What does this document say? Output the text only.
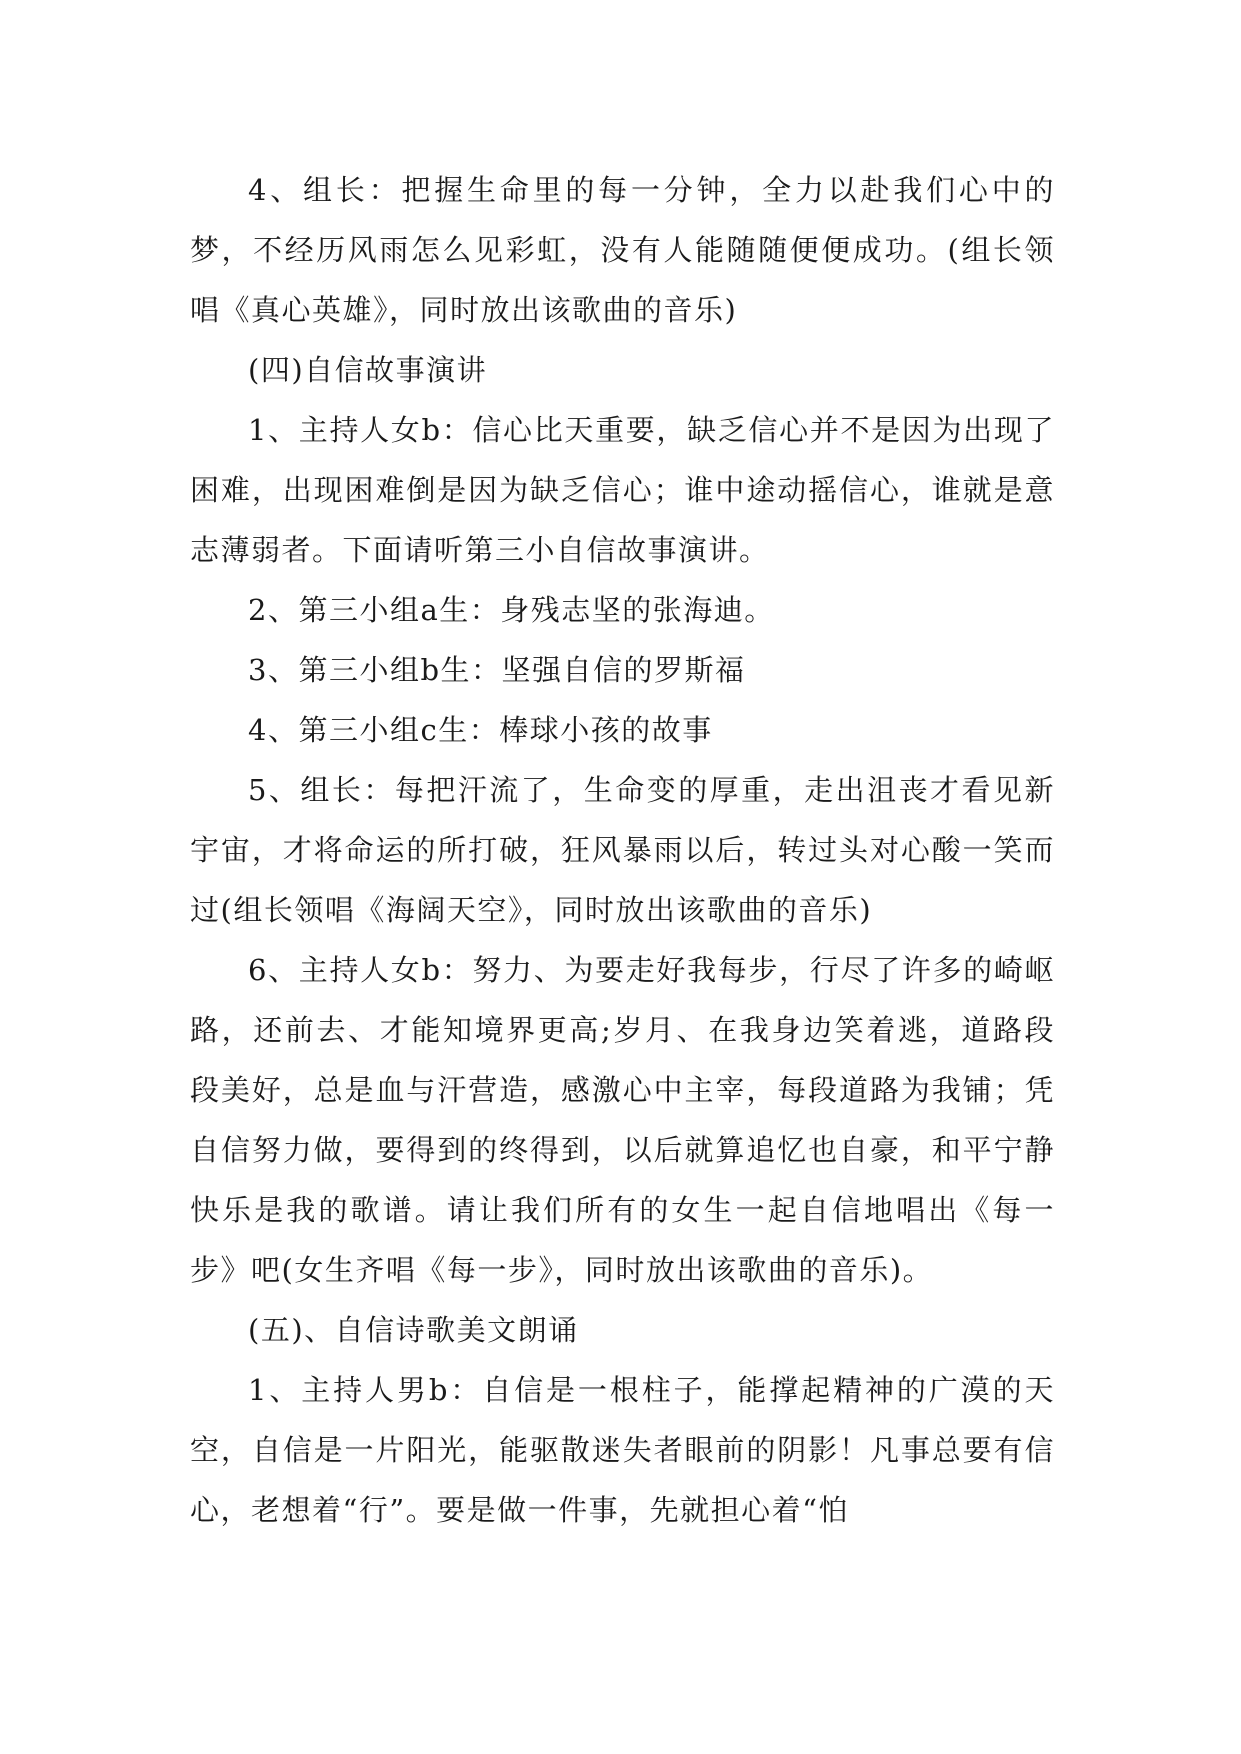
4、组长：把握生命里的每一分钟，全力以赴我们心中的梦，不经历风雨怎么见彩虹，没有人能随随便便成功。(组长领唱《真心英雄》，同时放出该歌曲的音乐)

(四)自信故事演讲

1、主持人女b：信心比天重要，缺乏信心并不是因为出现了困难，出现困难倒是因为缺乏信心；谁中途动摇信心，谁就是意志薄弱者。下面请听第三小自信故事演讲。

2、第三小组a生：身残志坚的张海迪。

3、第三小组b生：坚强自信的罗斯福

4、第三小组c生：棒球小孩的故事

5、组长：每把汗流了，生命变的厚重，走出沮丧才看见新宇宙，才将命运的所打破，狂风暴雨以后，转过头对心酸一笑而过(组长领唱《海阔天空》，同时放出该歌曲的音乐)

6、主持人女b：努力、为要走好我每步，行尽了许多的崎岖路，还前去、才能知境界更高;岁月、在我身边笑着逃，道路段段美好，总是血与汗营造，感激心中主宰，每段道路为我铺；凭自信努力做，要得到的终得到，以后就算追忆也自豪，和平宁静快乐是我的歌谱。请让我们所有的女生一起自信地唱出《每一步》吧(女生齐唱《每一步》，同时放出该歌曲的音乐)。

(五)、自信诗歌美文朗诵

1、主持人男b：自信是一根柱子，能撑起精神的广漠的天空，自信是一片阳光，能驱散迷失者眼前的阴影！凡事总要有信心，老想着“行”。要是做一件事，先就担心着“怕
